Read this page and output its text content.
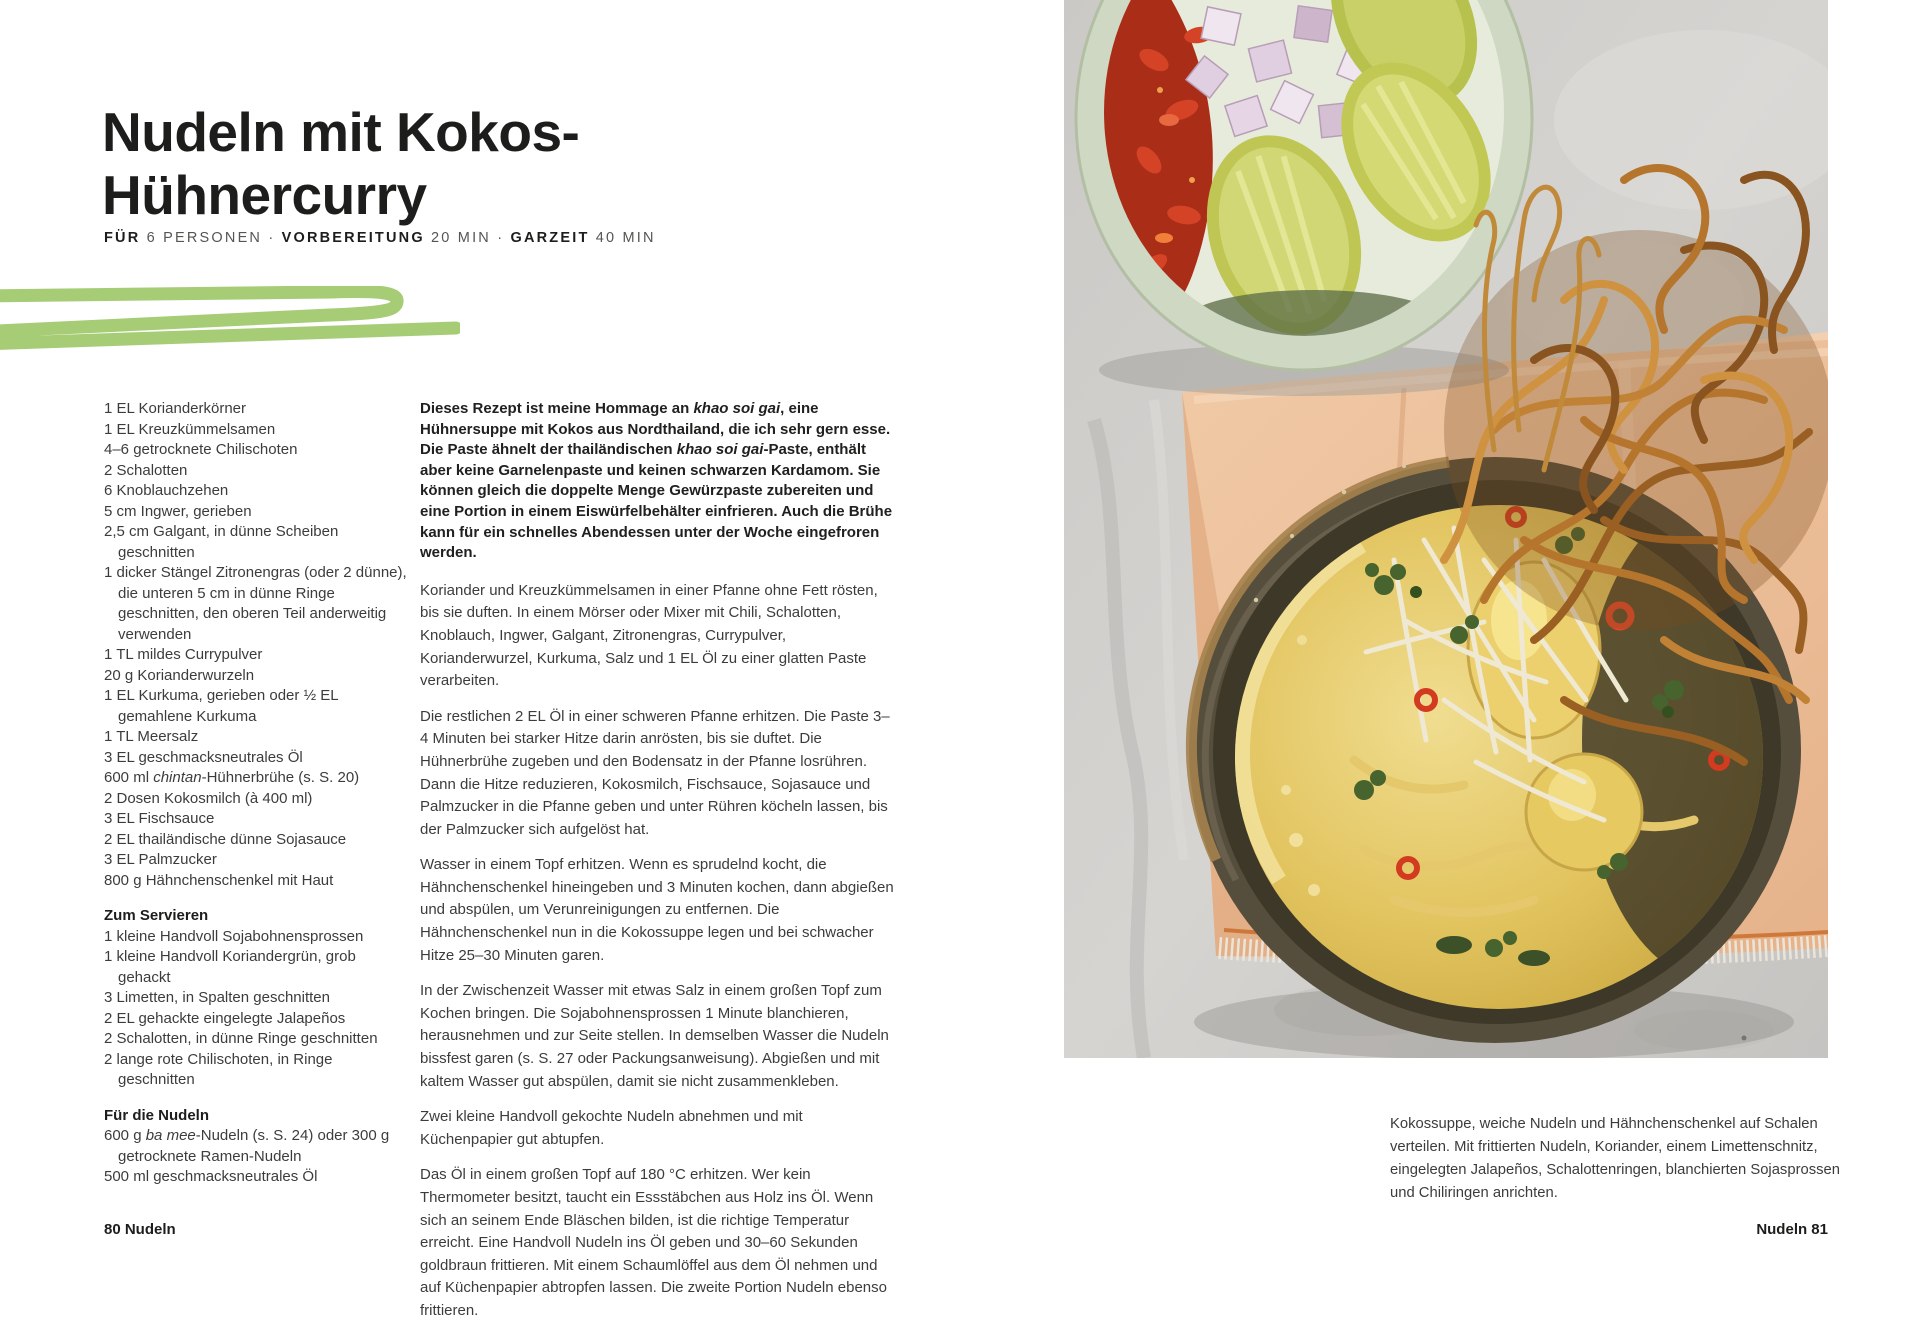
Nudeln mit Kokos-
Hühnercurry
FÜR 6 PERSONEN · VORBEREITUNG 20 MIN · GARZEIT 40 MIN
1 EL Korianderkörner
1 EL Kreuzkümmelsamen
4–6 getrocknete Chilischoten
2 Schalotten
6 Knoblauchzehen
5 cm Ingwer, gerieben
2,5 cm Galgant, in dünne Scheiben geschnitten
1 dicker Stängel Zitronengras (oder 2 dünne), die unteren 5 cm in dünne Ringe geschnitten, den oberen Teil anderweitig verwenden
1 TL mildes Currypulver
20 g Korianderwurzeln
1 EL Kurkuma, gerieben oder ½ EL gemahlene Kurkuma
1 TL Meersalz
3 EL geschmacksneutrales Öl
600 ml chintan-Hühnerbrühe (s. S. 20)
2 Dosen Kokosmilch (à 400 ml)
3 EL Fischsauce
2 EL thailändische dünne Sojasauce
3 EL Palmzucker
800 g Hähnchenschenkel mit Haut
Zum Servieren
1 kleine Handvoll Sojabohnensprossen
1 kleine Handvoll Koriandergrün, grob gehackt
3 Limetten, in Spalten geschnitten
2 EL gehackte eingelegte Jalapeños
2 Schalotten, in dünne Ringe geschnitten
2 lange rote Chilischoten, in Ringe geschnitten
Für die Nudeln
600 g ba mee-Nudeln (s. S. 24) oder 300 g getrocknete Ramen-Nudeln
500 ml geschmacksneutrales Öl

Dieses Rezept ist meine Hommage an khao soi gai, eine Hühnersuppe mit Kokos aus Nordthailand, die ich sehr gern esse. Die Paste ähnelt der thailändischen khao soi gai-Paste, enthält aber keine Garnelenpaste und keinen schwarzen Kardamom. Sie können gleich die doppelte Menge Gewürzpaste zubereiten und eine Portion in einem Eiswürfelbehälter einfrieren. Auch die Brühe kann für ein schnelles Abendessen unter der Woche eingefroren werden.

Koriander und Kreuzkümmelsamen in einer Pfanne ohne Fett rösten, bis sie duften. In einem Mörser oder Mixer mit Chili, Schalotten, Knoblauch, Ingwer, Galgant, Zitronengras, Currypulver, Korianderwurzel, Kurkuma, Salz und 1 EL Öl zu einer glatten Paste verarbeiten.

Die restlichen 2 EL Öl in einer schweren Pfanne erhitzen. Die Paste 3–4 Minuten bei starker Hitze darin anrösten, bis sie duftet. Die Hühnerbrühe zugeben und den Bodensatz in der Pfanne losrühren. Dann die Hitze reduzieren, Kokosmilch, Fischsauce, Sojasauce und Palmzucker in die Pfanne geben und unter Rühren köcheln lassen, bis der Palmzucker sich aufgelöst hat.

Wasser in einem Topf erhitzen. Wenn es sprudelnd kocht, die Hähnchenschenkel hineingeben und 3 Minuten kochen, dann abgießen und abspülen, um Verunreinigungen zu entfernen. Die Hähnchenschenkel nun in die Kokossuppe legen und bei schwacher Hitze 25–30 Minuten garen.

In der Zwischenzeit Wasser mit etwas Salz in einem großen Topf zum Kochen bringen. Die Sojabohnensprossen 1 Minute blanchieren, herausnehmen und zur Seite stellen. In demselben Wasser die Nudeln bissfest garen (s. S. 27 oder Packungsanweisung). Abgießen und mit kaltem Wasser gut abspülen, damit sie nicht zusammenkleben.

Zwei kleine Handvoll gekochte Nudeln abnehmen und mit Küchenpapier gut abtupfen.

Das Öl in einem großen Topf auf 180 °C erhitzen. Wer kein Thermometer besitzt, taucht ein Essstäbchen aus Holz ins Öl. Wenn sich an seinem Ende Bläschen bilden, ist die richtige Temperatur erreicht. Eine Handvoll Nudeln ins Öl geben und 30–60 Sekunden goldbraun frittieren. Mit einem Schaumlöffel aus dem Öl nehmen und auf Küchenpapier abtropfen lassen. Die zweite Portion Nudeln ebenso frittieren.

80 Nudeln
Kokossuppe, weiche Nudeln und Hähnchenschenkel auf Schalen verteilen. Mit frittierten Nudeln, Koriander, einem Limettenschnitz, eingelegten Jalapeños, Schalottenringen, blanchierten Sojasprossen und Chiliringen anrichten.
Nudeln 81
